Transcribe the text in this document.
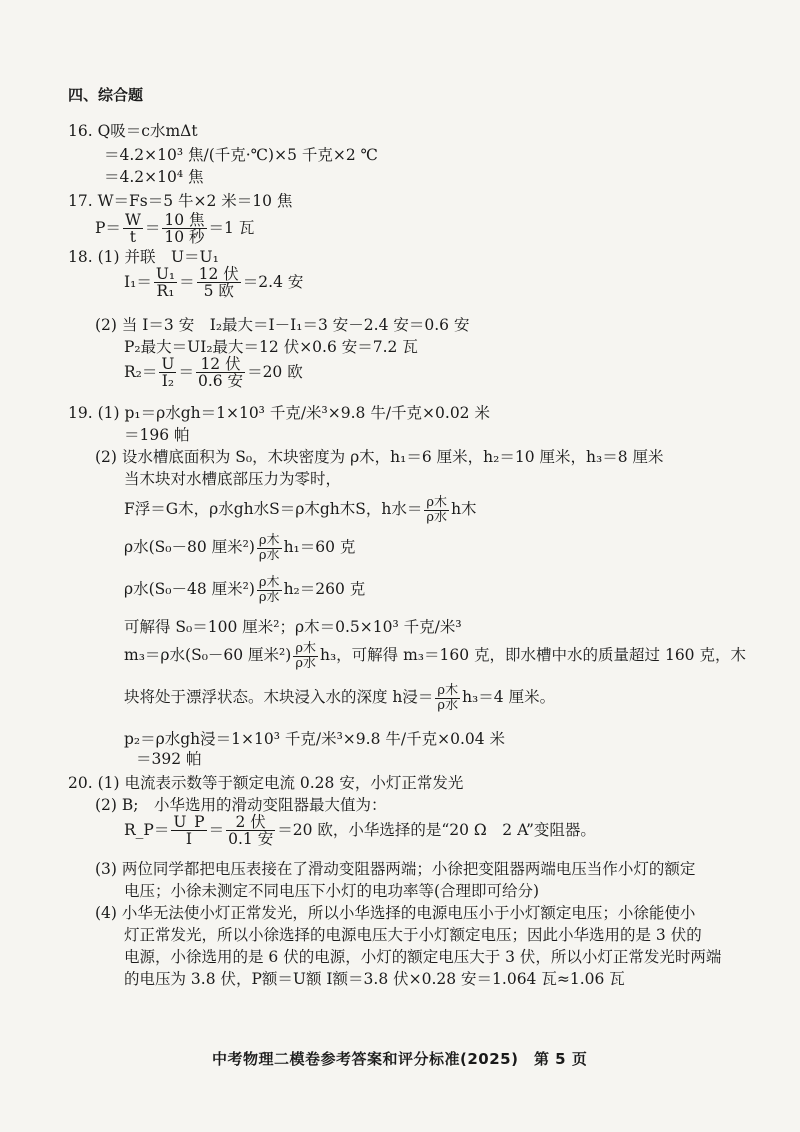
四、综合题
16. Q吸＝c水mΔt
＝4.2×10³ 焦/(千克·℃)×5 千克×2 ℃
＝4.2×10⁴ 焦
17. W＝Fs＝5 牛×2 米＝10 焦
$P= \frac{W}{t} = \frac{\text{10 焦}}{\text{10 秒}} =1$ 瓦
18. (1) 并联　U＝U₁
$I_1= \frac{\text{U₁}}{\text{R₁}} = \frac{\text{12 伏}}{\text{5 欧}} =2.4$ 安
(2) 当 I＝3 安　I₂最大＝I－I₁＝3 安－2.4 安＝0.6 安
P₂最大＝UI₂最大＝12 伏×0.6 安＝7.2 瓦
$R_2= \frac{U}{\text{I₂}} = \frac{\text{12 伏}}{\text{0.6 安}} =20$ 欧
19. (1) p₁＝ρ水gh＝1×10³ 千克/米³×9.8 牛/千克×0.02 米
＝196 帕
(2) 设水槽底面积为 S₀，木块密度为 ρ木，h₁＝6 厘米，h₂＝10 厘米，h₃＝8 厘米
当木块对水槽底部压力为零时，
F浮＝G木，ρ水gh水S＝ρ木gh木S，h水＝ $\frac{\text{ρ木}}{\text{ρ水}}$ h木
ρ水(S₀－80 厘米$^2) \frac{\text{ρ木}}{\text{ρ水}} h_1=60$ 克
ρ水(S₀－48 厘米$^2) \frac{\text{ρ木}}{\text{ρ水}} h_2=260$ 克
可解得 S₀＝100 厘米²；ρ木＝0.5×10³ 千克/米³
m₃＝ρ水(S₀－60 厘米$^2) \frac{\text{ρ木}}{\text{ρ水}} h_3$，可解得 m₃＝160 克，即水槽中水的质量超过 160 克，木
块将处于漂浮状态。木块浸入水的深度 h浸＝ $\frac{\text{ρ木}}{\text{ρ水}} h_3=4$ 厘米。
p₂＝ρ水gh浸＝1×10³ 千克/米³×9.8 牛/千克×0.04 米
＝392 帕
20. (1) 电流表示数等于额定电流 0.28 安，小灯正常发光
(2) B;　小华选用的滑动变阻器最大值为：
R_P＝ $\frac{U\_P}{I} = \frac{\text{2 伏}}{\text{0.1 安}} =20$ 欧，小华选择的是“20 Ω　2 A”变阻器。
(3) 两位同学都把电压表接在了滑动变阻器两端；小徐把变阻器两端电压当作小灯的额定
电压；小徐未测定不同电压下小灯的电功率等(合理即可给分)
(4) 小华无法使小灯正常发光，所以小华选择的电源电压小于小灯额定电压；小徐能使小
灯正常发光，所以小徐选择的电源电压大于小灯额定电压；因此小华选用的是 3 伏的
电源，小徐选用的是 6 伏的电源，小灯的额定电压大于 3 伏，所以小灯正常发光时两端
的电压为 3.8 伏，P额＝U额 I额＝3.8 伏×0.28 安＝1.064 瓦≈1.06 瓦
中考物理二模卷参考答案和评分标准(2025)　第 5 页
